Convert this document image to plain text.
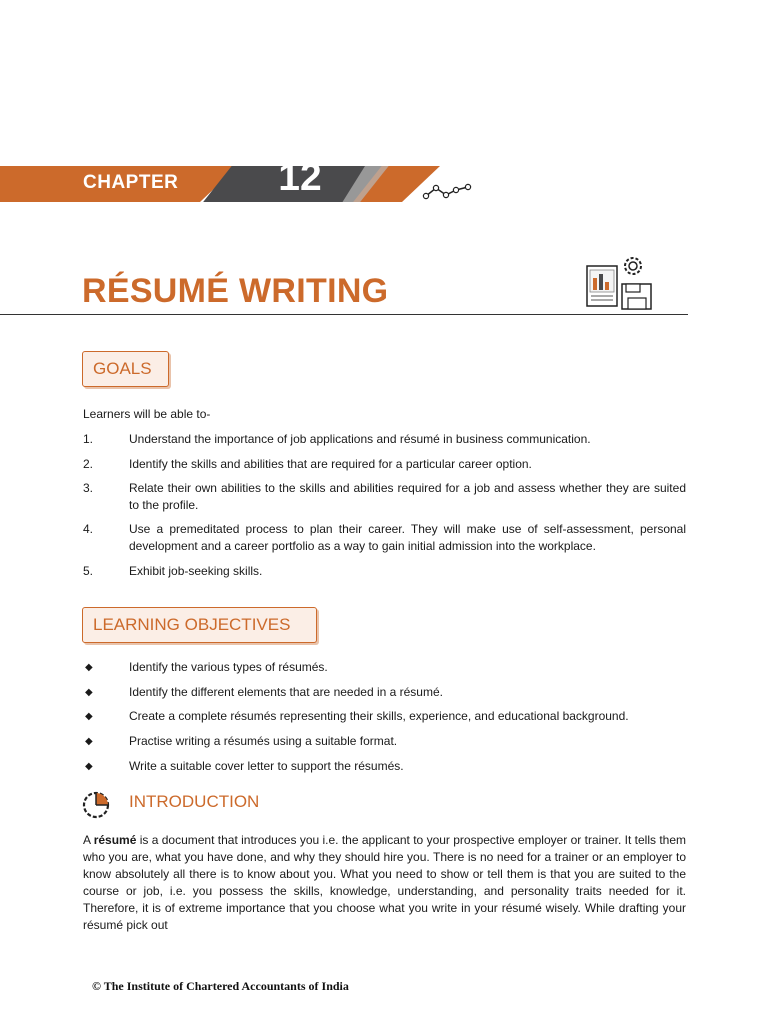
CHAPTER	12
RÉSUMÉ WRITING
GOALS
Learners will be able to-
1.	Understand the importance of job applications and résumé in business communication.
2.	Identify the skills and abilities that are required for a particular career option.
3.	Relate their own abilities to the skills and abilities required for a job and assess whether they are suited to the profile.
4.	Use a premeditated process to plan their career. They will make use of self-assessment, personal development and a career portfolio as a way to gain initial admission into the workplace.
5.	Exhibit job-seeking skills.
LEARNING OBJECTIVES
◆	Identify the various types of résumés.
◆	Identify the different elements that are needed in a résumé.
◆	Create a complete résumés representing their skills, experience, and educational background.
◆	Practise writing a résumés using a suitable format.
◆	Write a suitable cover letter to support the résumés.
INTRODUCTION
A résumé is a document that introduces you i.e. the applicant to your prospective employer or trainer. It tells them who you are, what you have done, and why they should hire you. There is no need for a trainer or an employer to know absolutely all there is to know about you. What you need to show or tell them is that you are suited to the course or job, i.e. you possess the skills, knowledge, understanding, and personality traits needed for it. Therefore, it is of extreme importance that you choose what you write in your résumé wisely. While drafting your résumé pick out
© The Institute of Chartered Accountants of India
